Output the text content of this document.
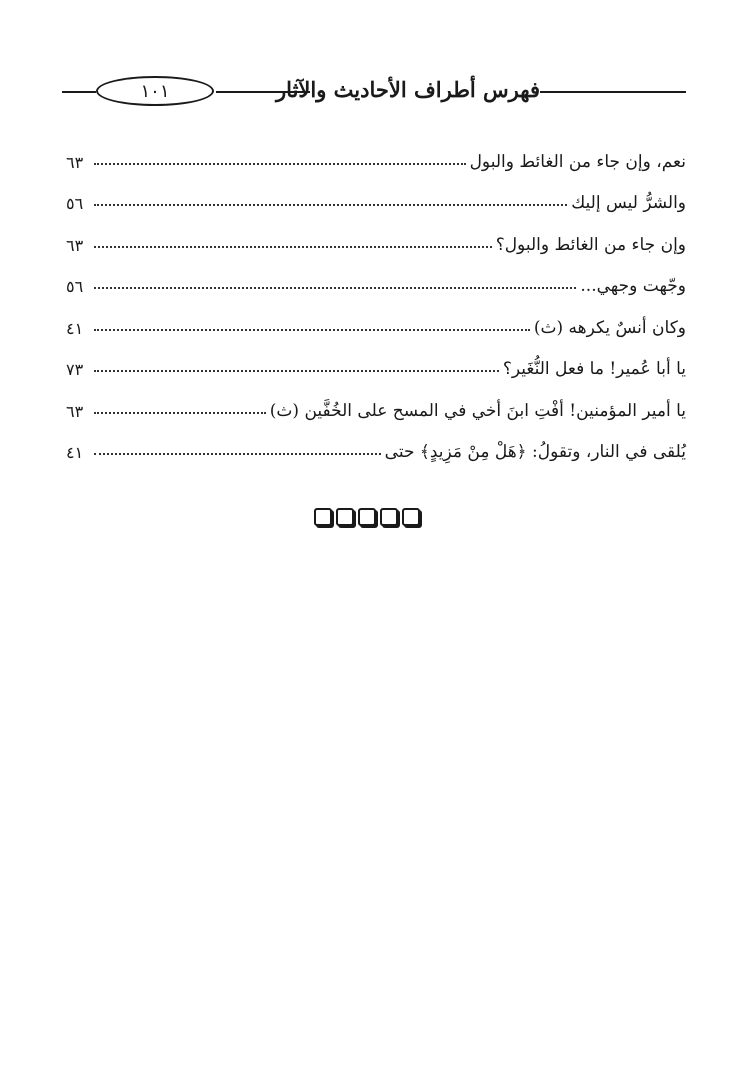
١٠١	فهرس أطراف الأحاديث والآثار
نعم، وإن جاء من الغائط والبول
٦٣
والشرُّ ليس إليك
٥٦
وإن جاء من الغائط والبول؟
٦٣
وجّهت وجهي...
٥٦
وكان أنسٌ يكرهه (ث)
٤١
يا أبا عُمير! ما فعل النُّغَير؟
٧٣
يا أمير المؤمنين! أفْتِ ابنَ أخي في المسح على الخُفَّين (ث)
٦٣
يُلقى في النار، وتقولُ: ﴿هَلْ مِنْ مَزِيدٍ﴾ حتى
٤١
